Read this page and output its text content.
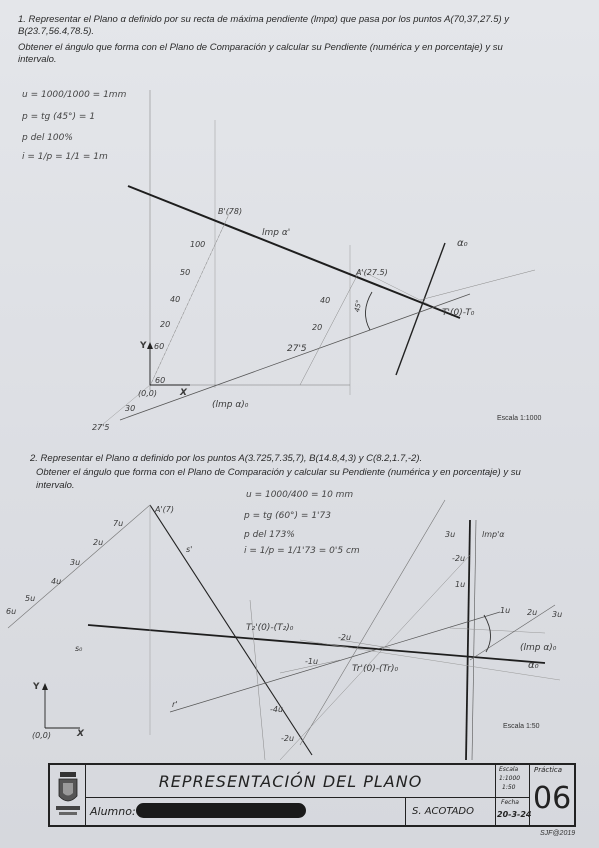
1. Representar el Plano α definido por su recta de máxima pendiente (lmpα) que pasa por los puntos A(70,37,27.5) y
B(23.7,56.4,78.5).
Obtener el ángulo que forma con el Plano de Comparación y calcular su Pendiente (numérica y en porcentaje) y su
intervalo.
u = 1000/1000 = 1mm
p = tg (45°) = 1
p del 100%
i = 1/p = 1/1 = 1m
B'(78)
lmp α'
A'(27.5)
α₀
T'(0)-T₀
100
50
40
20
40
20
27'5
60
60
30
27'5
45°
Y
X
(0,0)
(lmp α)₀
Escala 1:1000
2. Representar el Plano α definido por los puntos A(3.725,7.35,7), B(14.8,4,3) y C(8.2,1.7,-2).
Obtener el ángulo que forma con el Plano de Comparación y calcular su Pendiente (numérica y en porcentaje) y su
intervalo.
u = 1000/400 = 10 mm
p = tg (60°) = 1'73
p del 173%
i = 1/p = 1/1'73 = 0'5 cm
A'(7)
7u
2u
3u
4u
5u
6u
s'
s₀
r'
lmp'α
T₂'(0)-(T₂)₀
Tr'(0)-(Tr)₀
-2u
-1u
-4u
-2u
3u
-2u
1u
1u 2u 3u
α₀
(lmp α)₀
Y
X
(0,0)
Escala 1:50
REPRESENTACIÓN DEL PLANO
Alumno:	S. ACOTADO
Escala
1:1000
1:50
Fecha
20-3-24
Práctica
06
SJF@2019
